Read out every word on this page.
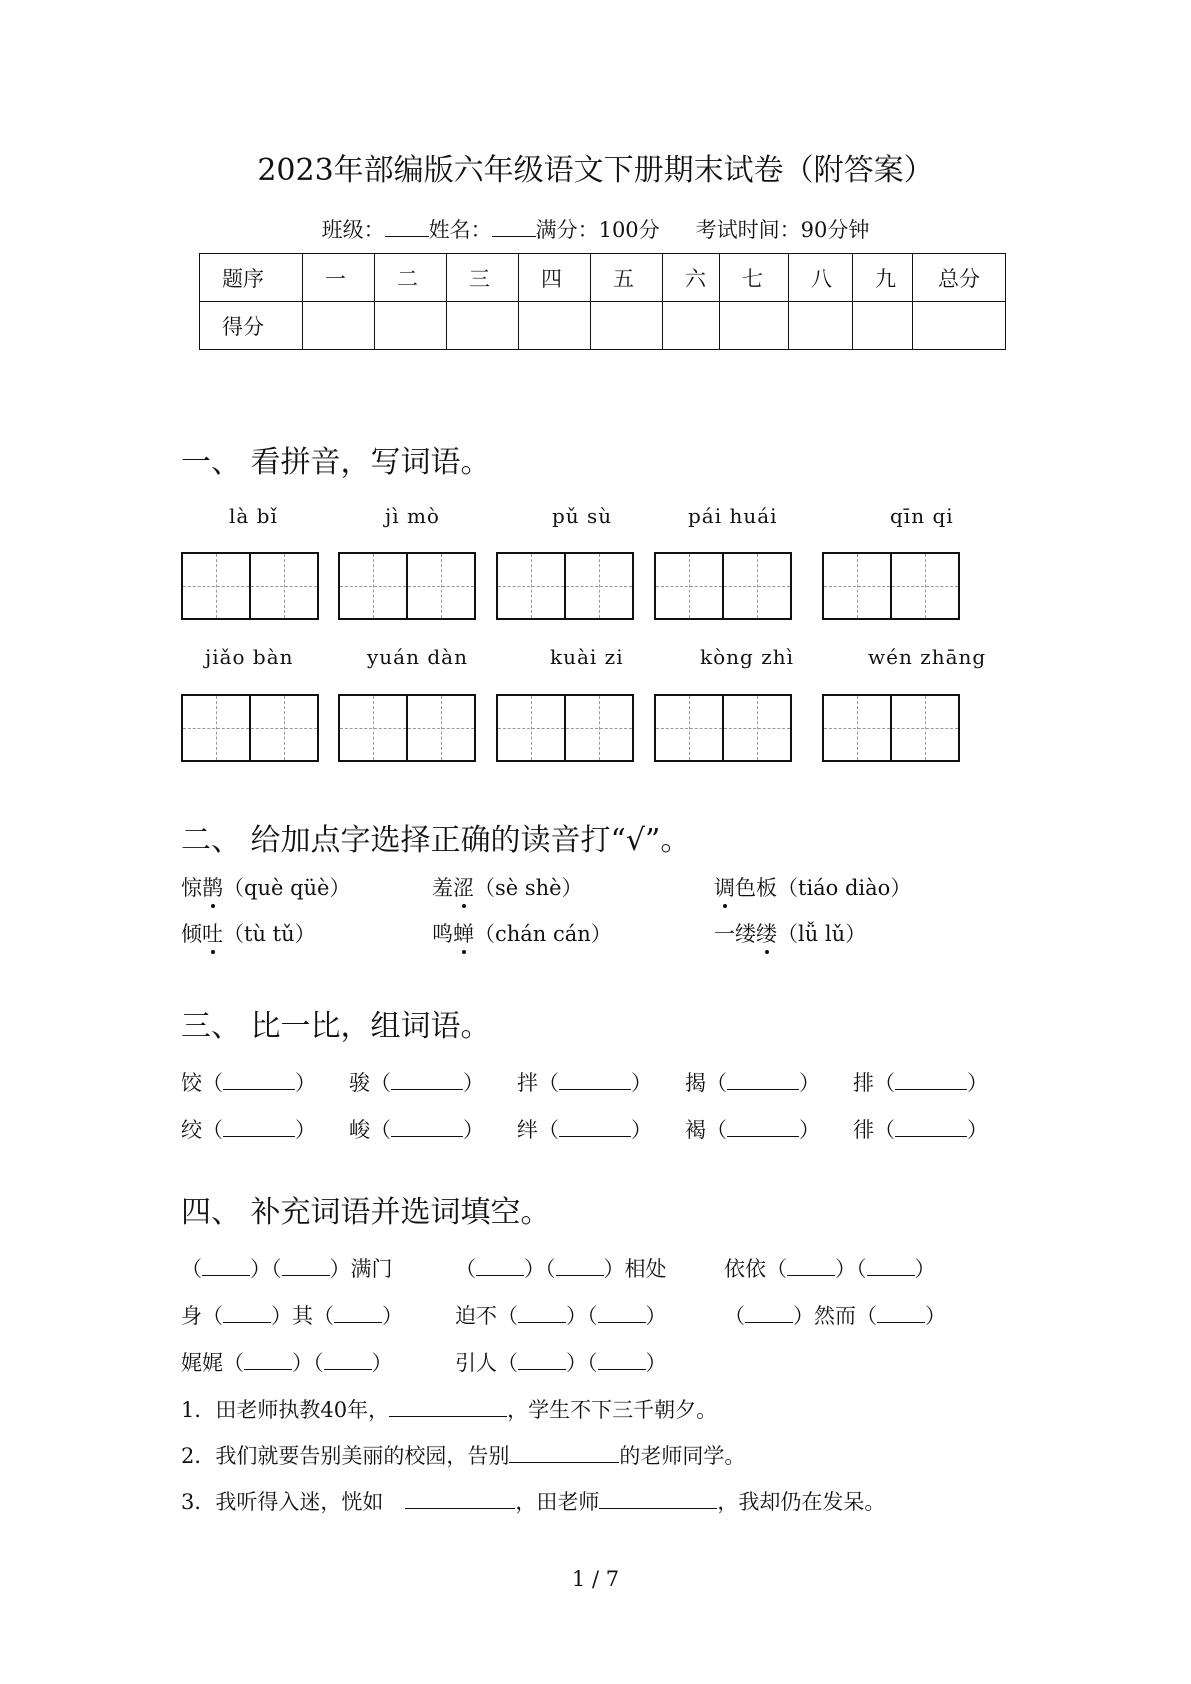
2023年部编版六年级语文下册期末试卷（附答案）
班级： 姓名： 满分：100分 考试时间：90分钟
题序	一	二	三	四	五	六	七	八	九	总分
得分										
一、 看拼音，写词语。
là bǐ	jì mò	pǔ sù	pái huái	qīn qi
jiǎo bàn	yuán dàn	kuài zi	kòng zhì	wén zhāng
二、 给加点字选择正确的读音打“√”。
惊鹊（què qüè）	羞涩（sè shè）	调色板（tiáo diào）
倾吐（tù tǔ）	鸣蝉（chán cán）	一缕缕（lǚ lǔ）
三、 比一比，组词语。
饺（	） 骏（	） 拌（	） 揭（	） 排（	）
绞（	） 峻（	） 绊（	） 褐（	） 徘（	）
四、 补充词语并选词填空。
（ ）（ ）满门	（ ）（ ）相处	依依（ ）（ ）
身（ ）其（ ） 迫不（ ）（ ）	（ ）然而（ ）
娓娓（ ）（ ）	引人（ ）（ ）
1．田老师执教40年，	，学生不下三千朝夕。
2．我们就要告别美丽的校园，告别	的老师同学。
3．我听得入迷，恍如	，田老师	，我却仍在发呆。
1 / 7
